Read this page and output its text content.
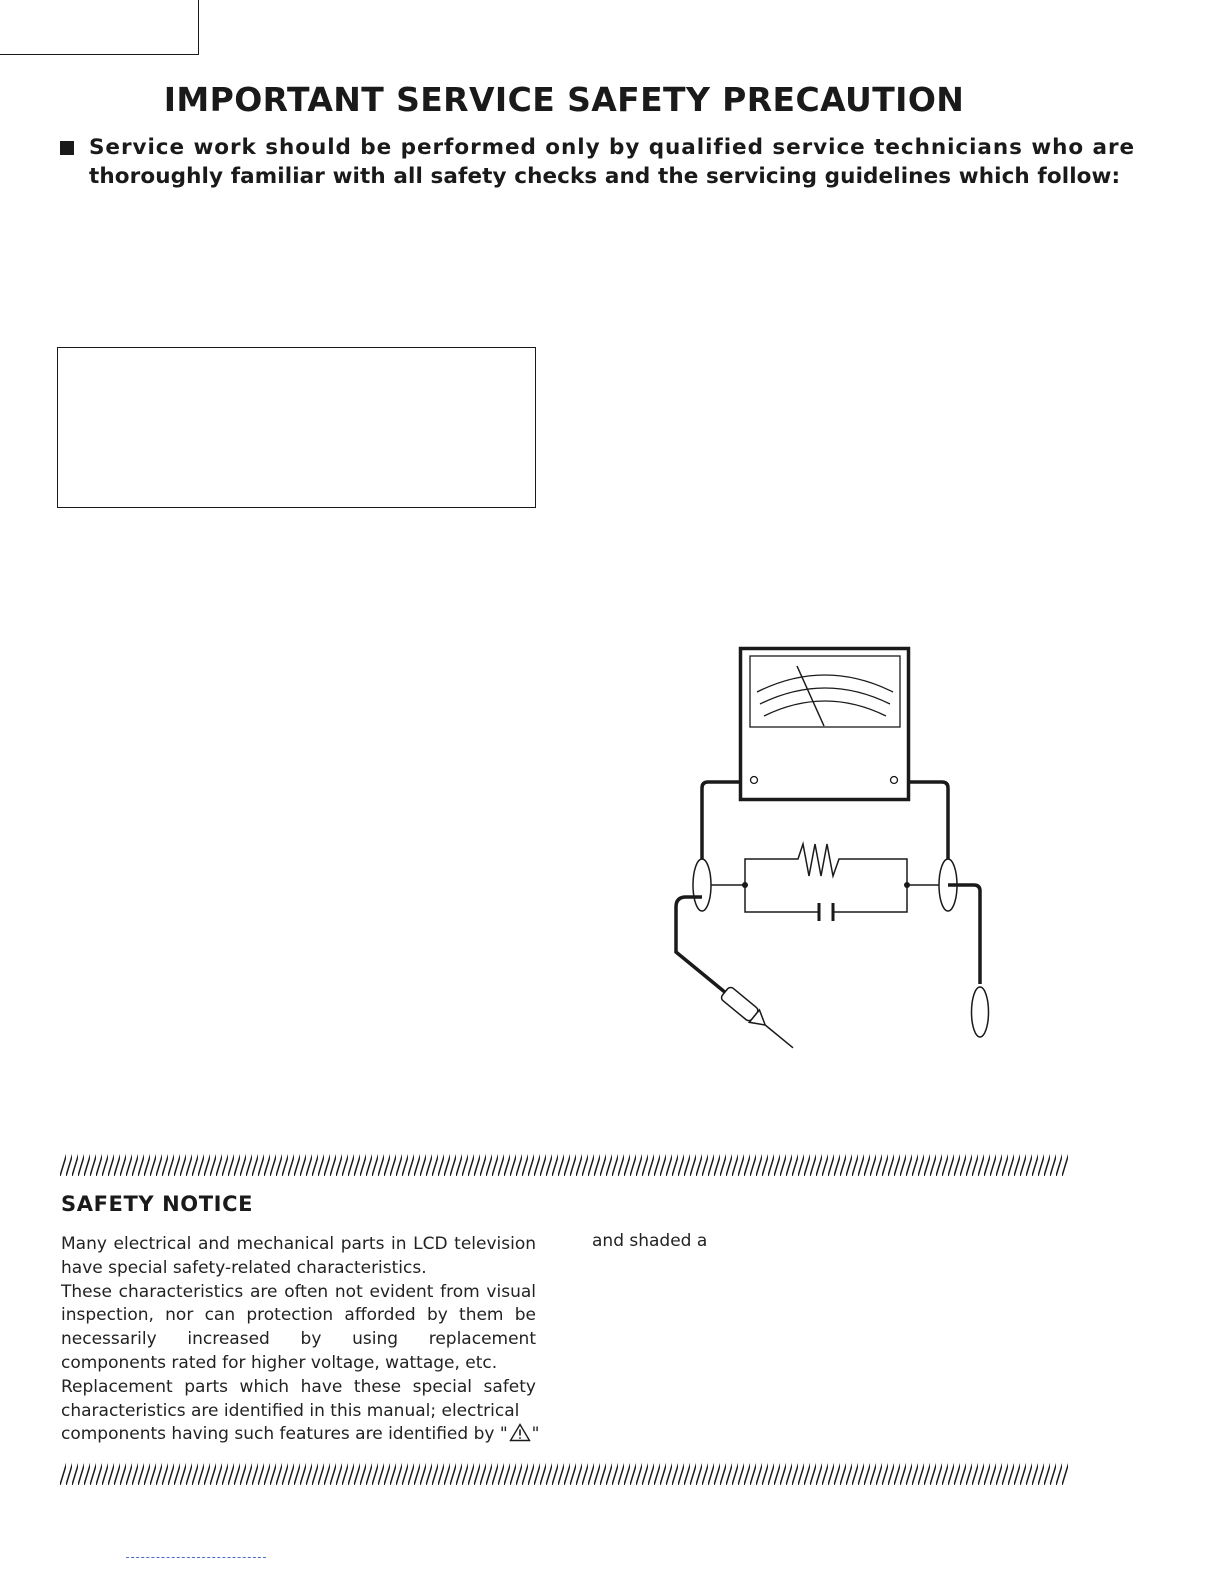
IMPORTANT SERVICE SAFETY PRECAUTION
Service work should be performed only by qualified service technicians who are
thoroughly familiar with all safety checks and the servicing guidelines which follow:
SAFETY NOTICE
Many electrical and mechanical parts in LCD television have special safety-related characteristics.
These characteristics are often not evident from visual inspection, nor can protection afforded by them be necessarily increased by using replacement components rated for higher voltage, wattage, etc.
Replacement parts which have these special safety characteristics are identified in this manual; electrical
components having such features are identified by " "
and shaded a
